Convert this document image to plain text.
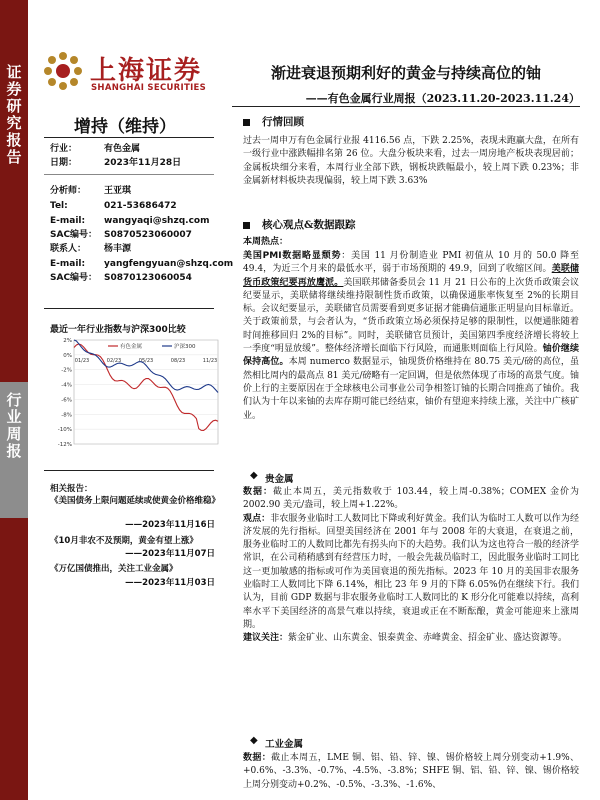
证券研究报告
行业周报
上海证券
SHANGHAI SECURITIES
渐进衰退预期利好的黄金与持续高位的铀
——有色金属行业周报（2023.11.20-2023.11.24）
增持（维持）
行业：	有色金属
日期：	2023年11月28日
分析师： 王亚琪
Tel:	021-53686472
E-mail: wangyaqi@shzq.com
SAC编号： S0870523060007
联系人： 杨丰源
E-mail: yangfengyuan@shzq.com
SAC编号： S0870123060054
最近一年行业指数与沪深300比较
2%
0%
-2%
-4%
-6%
-8%
-10%
-12%
01/23	02/23	05/23	08/23	11/23
有色金属	沪深300
相关报告：
《美国债务上限问题延续或使黄金价格维稳》
——2023年11月16日
《10月非农不及预期，黄金有望上涨》
——2023年11月07日
《万亿国债推出，关注工业金属》
——2023年11月03日
行情回顾
过去一周申万有色金属行业报 4116.56 点，下跌 2.25%，表现未跑赢大盘，在所有一级行业中涨跌幅排名第 26 位。大盘分板块来看，过去一周房地产板块表现居前；金属板块细分来看，本周行业全部下跌，钢板块跌幅最小，较上周下跌 0.23%；非金属新材料板块表现偏弱，较上周下跌 3.63%
核心观点&数据跟踪
本周热点：
美国PMI数据略显颓势：美国 11 月份制造业 PMI 初值从 10 月的 50.0 降至 49.4，为近三个月来的最低水平，弱于市场预期的 49.9，回到了收缩区间。美联储货币政策纪要再放鹰派。美国联邦储备委员会 11 月 21 日公布的上次货币政策会议纪要显示，美联储将继续维持限制性货币政策，以确保通胀率恢复至 2%的长期目标。会议纪要显示，美联储官员需要看到更多证据才能确信通胀正明显向目标靠近。关于政策前景，与会者认为，“货币政策立场必须保持足够的限制性，以便通胀随着时间推移回归 2%的目标”。同时，美联储官员预计，美国第四季度经济增长将较上一季度“明显放缓”。整体经济增长面临下行风险，而通胀则面临上行风险。铀价继续保持高位。本周 numerco 数据显示，铀现货价格维持在 80.75 美元/磅的高位，虽然相比周内的最高点 81 美元/磅略有一定回调，但是依然体现了市场的高景气度。铀价上行的主要原因在于全球核电公司事业公司争相签订铀的长期合同推高了铀价。我们认为十年以来铀的去库存期可能已经结束，铀价有望迎来持续上涨，关注中广核矿业。
◆ 贵金属
数据：截止本周五，美元指数收于 103.44，较上周-0.38%；COMEX 金价为 2002.90 美元/盎司，较上周+1.22%。
观点：非农服务业临时工人数同比下降或利好黄金。我们认为临时工人数可以作为经济发展的先行指标。回望美国经济在 2001 年与 2008 年的大衰退，在衰退之前，服务业临时工的人数同比都先有拐头向下的大趋势。我们认为这也符合一般的经济学常识，在公司稍稍感到有经营压力时，一般会先裁员临时工，因此服务业临时工同比这一更加敏感的指标或可作为美国衰退的预先指标。2023 年 10 月的美国非农服务业临时工人数同比下降 6.14%，相比 23 年 9 月的下降 6.05%仍在继续下行。我们认为，目前 GDP 数据与非农服务业临时工人数同比的 K 形分化可能难以持续，高利率水平下美国经济的高景气难以持续，衰退或正在不断酝酿，黄金可能迎来上涨周期。
建议关注：紫金矿业、山东黄金、银泰黄金、赤峰黄金、招金矿业、盛达资源等。
◆ 工业金属
数据：截止本周五，LME 铜、铝、铅、锌、镍、锡价格较上周分别变动+1.9%、+0.6%、-3.3%、-0.7%、-4.5%、-3.8%；SHFE 铜、铝、铅、锌、镍、锡价格较上周分别变动+0.2%、-0.5%、-3.3%、-1.6%、
